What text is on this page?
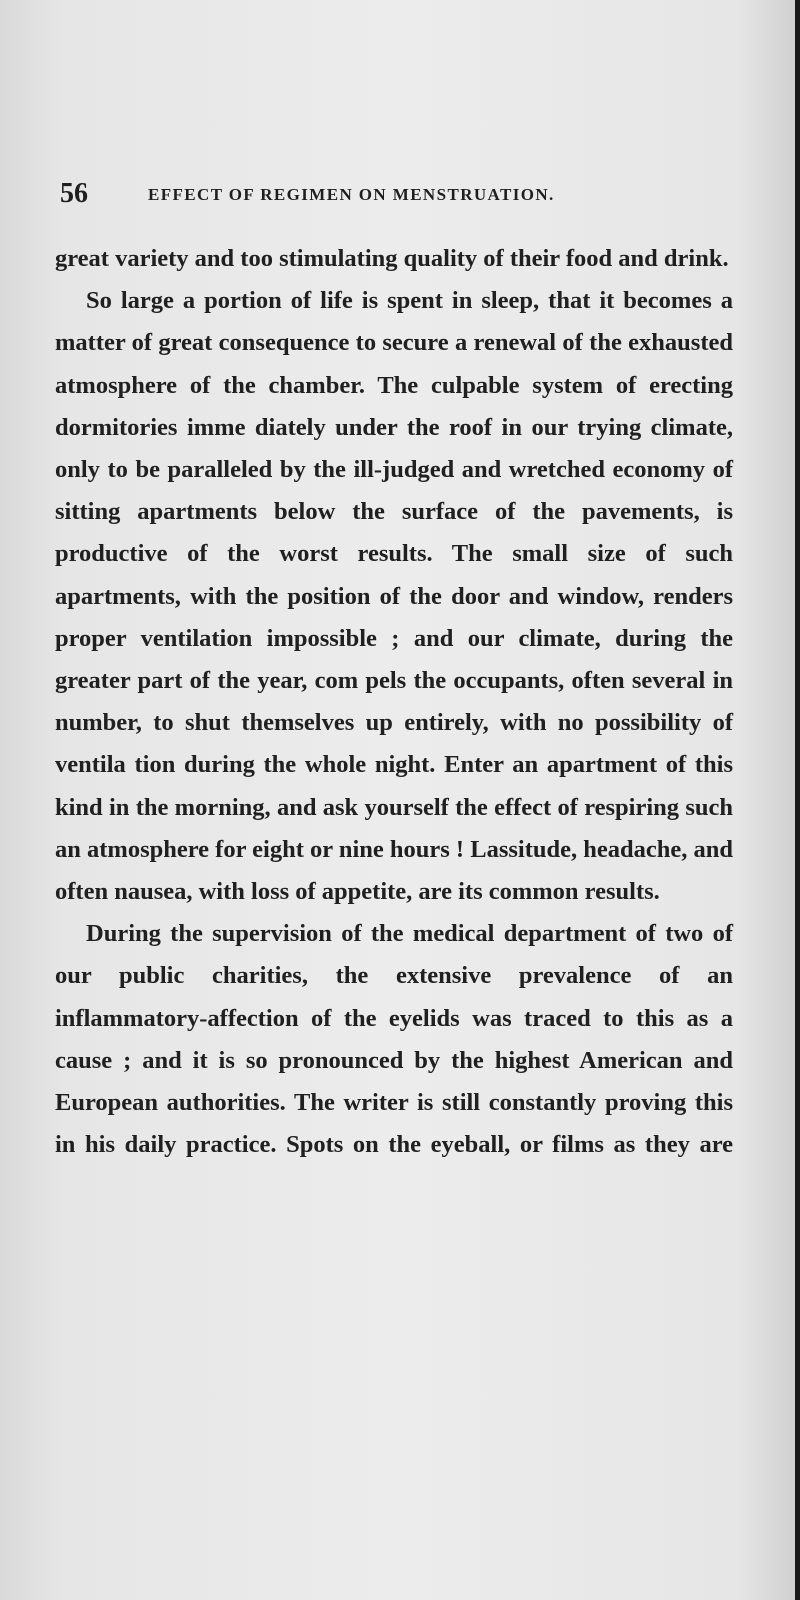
56	EFFECT OF REGIMEN ON MENSTRUATION.

great variety and too stimulating quality of their food and drink.

So large a portion of life is spent in sleep, that it becomes a matter of great consequence to secure a renewal of the exhausted atmosphere of the chamber. The culpable system of erecting dormitories imme diately under the roof in our trying climate, only to be paralleled by the ill-judged and wretched economy of sitting apartments below the surface of the pavements, is productive of the worst results. The small size of such apartments, with the position of the door and window, renders proper ventilation impossible ; and our climate, during the greater part of the year, com pels the occupants, often several in number, to shut themselves up entirely, with no possibility of ventila tion during the whole night. Enter an apartment of this kind in the morning, and ask yourself the effect of respiring such an atmosphere for eight or nine hours ! Lassitude, headache, and often nausea, with loss of appetite, are its common results.

During the supervision of the medical department of two of our public charities, the extensive prevalence of an inflammatory-affection of the eyelids was traced to this as a cause ; and it is so pronounced by the highest American and European authorities. The writer is still constantly proving this in his daily practice. Spots on the eyeball, or films as they are
